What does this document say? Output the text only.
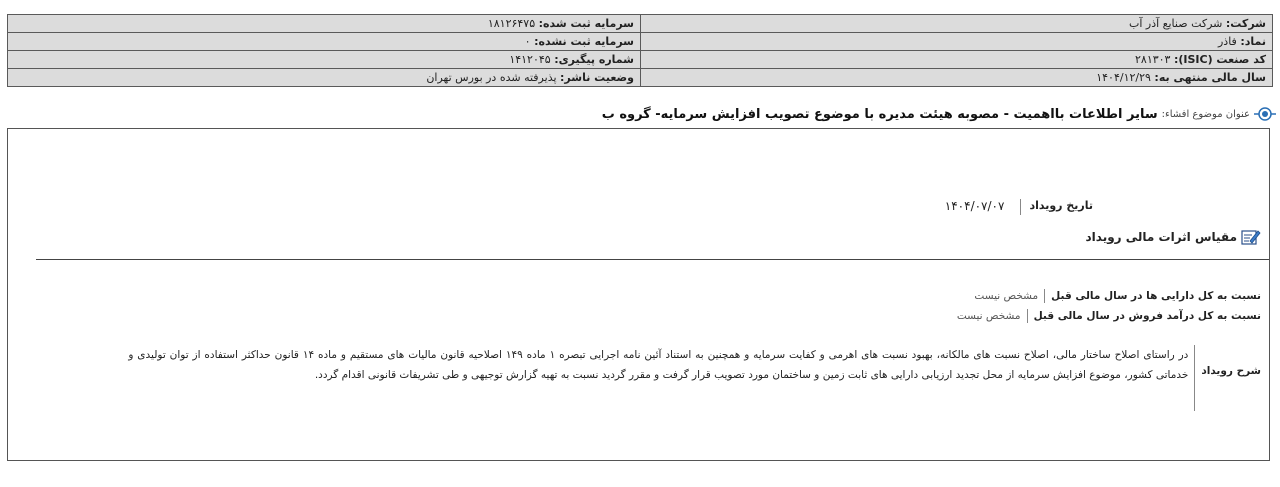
شرکت: شرکت صنایع آذر آب	سرمایه ثبت شده: ۱۸۱۲۶۴۷۵
نماد: فاذر	سرمایه ثبت نشده: ۰
کد صنعت (ISIC): ۲۸۱۳۰۳	شماره پیگیری: ۱۴۱۲۰۴۵
سال مالی منتهی به: ۱۴۰۴/۱۲/۲۹	وضعیت ناشر: پذیرفته شده در بورس تهران
عنوان موضوع افشاء:
سایر اطلاعات بااهمیت - مصوبه هیئت مدیره با موضوع تصویب افزایش سرمایه- گروه ب
تاریخ رویداد
۱۴۰۴/۰۷/۰۷
مقیاس اثرات مالی رویداد
نسبت به کل دارایی ها در سال مالی قبل
مشخص نیست
نسبت به کل درآمد فروش در سال مالی قبل
مشخص نیست
شرح رویداد
در راستای اصلاح ساختار مالی، اصلاح نسبت های مالکانه، بهبود نسبت های اهرمی و کفایت سرمایه و همچنین به استناد آئین نامه اجرایی تبصره ۱ ماده ۱۴۹ اصلاحیه قانون مالیات های مستقیم و ماده ۱۴ قانون حداکثر استفاده از توان تولیدی و خدماتی کشور، موضوع افزایش سرمایه از محل تجدید ارزیابی دارایی های ثابت زمین و ساختمان مورد تصویب قرار گرفت و مقرر گردید نسبت به تهیه گزارش توجیهی و طی تشریفات قانونی اقدام گردد.
